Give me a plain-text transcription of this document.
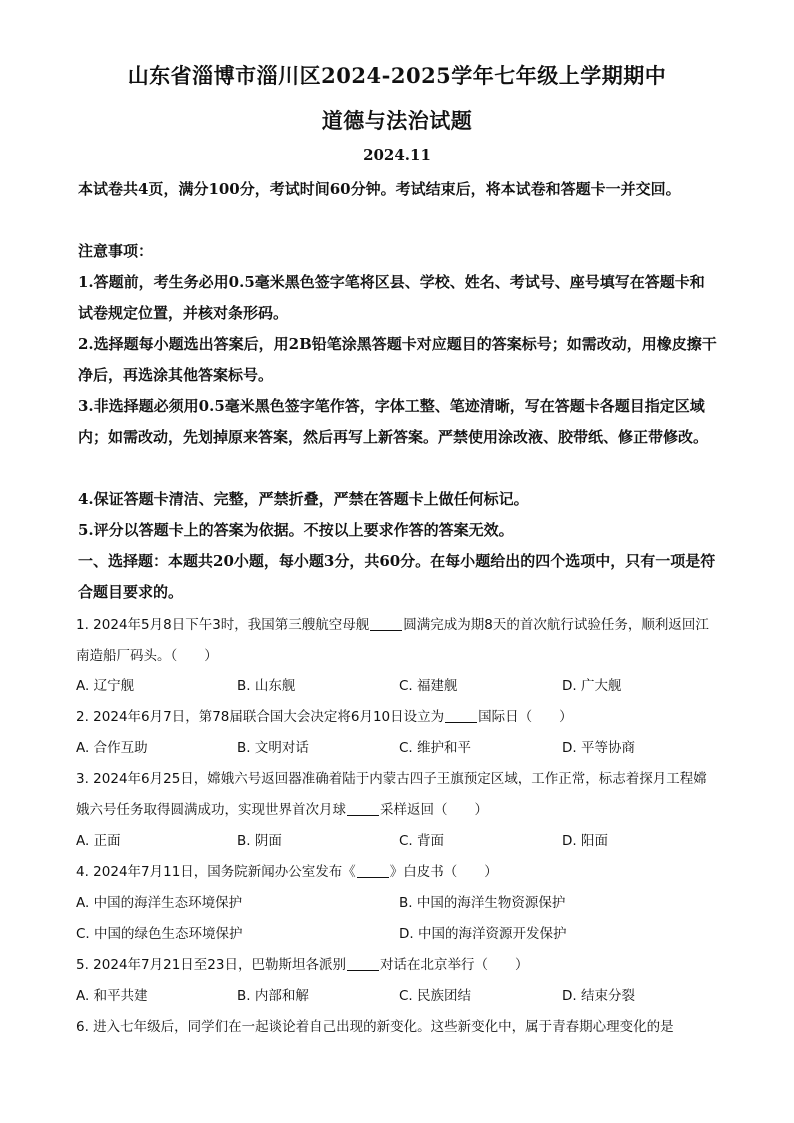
山东省淄博市淄川区2024-2025学年七年级上学期期中
道德与法治试题
2024.11
本试卷共4页，满分100分，考试时间60分钟。考试结束后，将本试卷和答题卡一并交回。
注意事项：
1.答题前，考生务必用0.5毫米黑色签字笔将区县、学校、姓名、考试号、座号填写在答题卡和试卷规定位置，并核对条形码。
2.选择题每小题选出答案后，用2B铅笔涂黑答题卡对应题目的答案标号；如需改动，用橡皮擦干净后，再选涂其他答案标号。
3.非选择题必须用0.5毫米黑色签字笔作答，字体工整、笔迹清晰，写在答题卡各题目指定区域内；如需改动，先划掉原来答案，然后再写上新答案。严禁使用涂改液、胶带纸、修正带修改。
4.保证答题卡清洁、完整，严禁折叠，严禁在答题卡上做任何标记。
5.评分以答题卡上的答案为依据。不按以上要求作答的答案无效。
一、选择题：本题共20小题，每小题3分，共60分。在每小题给出的四个选项中，只有一项是符合题目要求的。
1. 2024年5月8日下午3时，我国第三艘航空母舰	圆满完成为期8天的首次航行试验任务，顺利返回江南造船厂码头。（　　）
A. 辽宁舰	B. 山东舰	C. 福建舰	D. 广大舰
2. 2024年6月7日，第78届联合国大会决定将6月10日设立为	国际日（　　）
A. 合作互助	B. 文明对话	C. 维护和平	D. 平等协商
3. 2024年6月25日，嫦娥六号返回器准确着陆于内蒙古四子王旗预定区域，工作正常，标志着探月工程嫦娥六号任务取得圆满成功，实现世界首次月球	采样返回（　　）
A. 正面	B. 阴面	C. 背面	D. 阳面
4. 2024年7月11日，国务院新闻办公室发布《	》白皮书（　　）
A. 中国的海洋生态环境保护	B. 中国的海洋生物资源保护
C. 中国的绿色生态环境保护	D. 中国的海洋资源开发保护
5. 2024年7月21日至23日，巴勒斯坦各派别	对话在北京举行（　　）
A. 和平共建	B. 内部和解	C. 民族团结	D. 结束分裂
6. 进入七年级后，同学们在一起谈论着自己出现的新变化。这些新变化中，属于青春期心理变化的是
